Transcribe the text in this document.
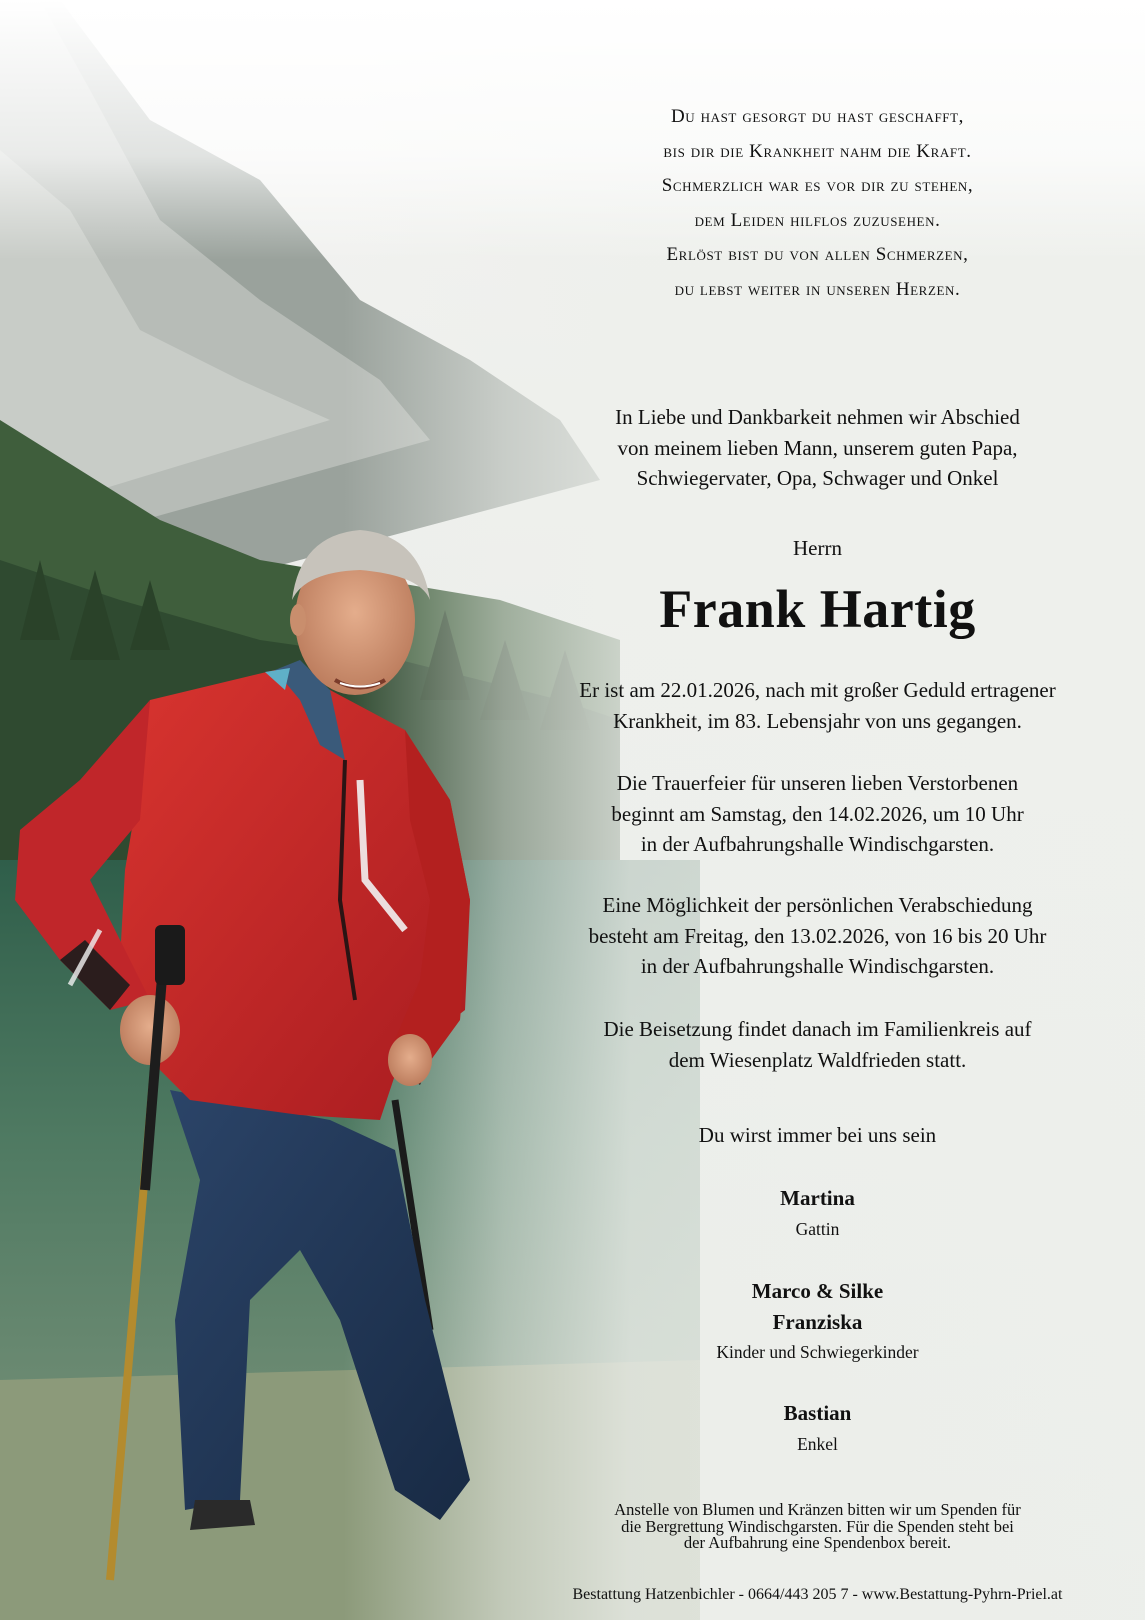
Du hast gesorgt du hast geschafft,
bis dir die Krankheit nahm die Kraft.
Schmerzlich war es vor dir zu stehen,
dem Leiden hilflos zuzusehen.
Erlöst bist du von allen Schmerzen,
du lebst weiter in unseren Herzen.
In Liebe und Dankbarkeit nehmen wir Abschied
von meinem lieben Mann, unserem guten Papa,
Schwiegervater, Opa, Schwager und Onkel
Herrn
Frank Hartig
Er ist am 22.01.2026, nach mit großer Geduld ertragener
Krankheit, im 83. Lebensjahr von uns gegangen.
Die Trauerfeier für unseren lieben Verstorbenen
beginnt am Samstag, den 14.02.2026, um 10 Uhr
in der Aufbahrungshalle Windischgarsten.
Eine Möglichkeit der persönlichen Verabschiedung
besteht am Freitag, den 13.02.2026, von 16 bis 20 Uhr
in der Aufbahrungshalle Windischgarsten.
Die Beisetzung findet danach im Familienkreis auf
dem Wiesenplatz Waldfrieden statt.
Du wirst immer bei uns sein
Martina
Gattin
Marco & Silke
Franziska
Kinder und Schwiegerkinder
Bastian
Enkel
Anstelle von Blumen und Kränzen bitten wir um Spenden für
die Bergrettung Windischgarsten. Für die Spenden steht bei
der Aufbahrung eine Spendenbox bereit.
Bestattung Hatzenbichler - 0664/443 205 7 - www.Bestattung-Pyhrn-Priel.at
